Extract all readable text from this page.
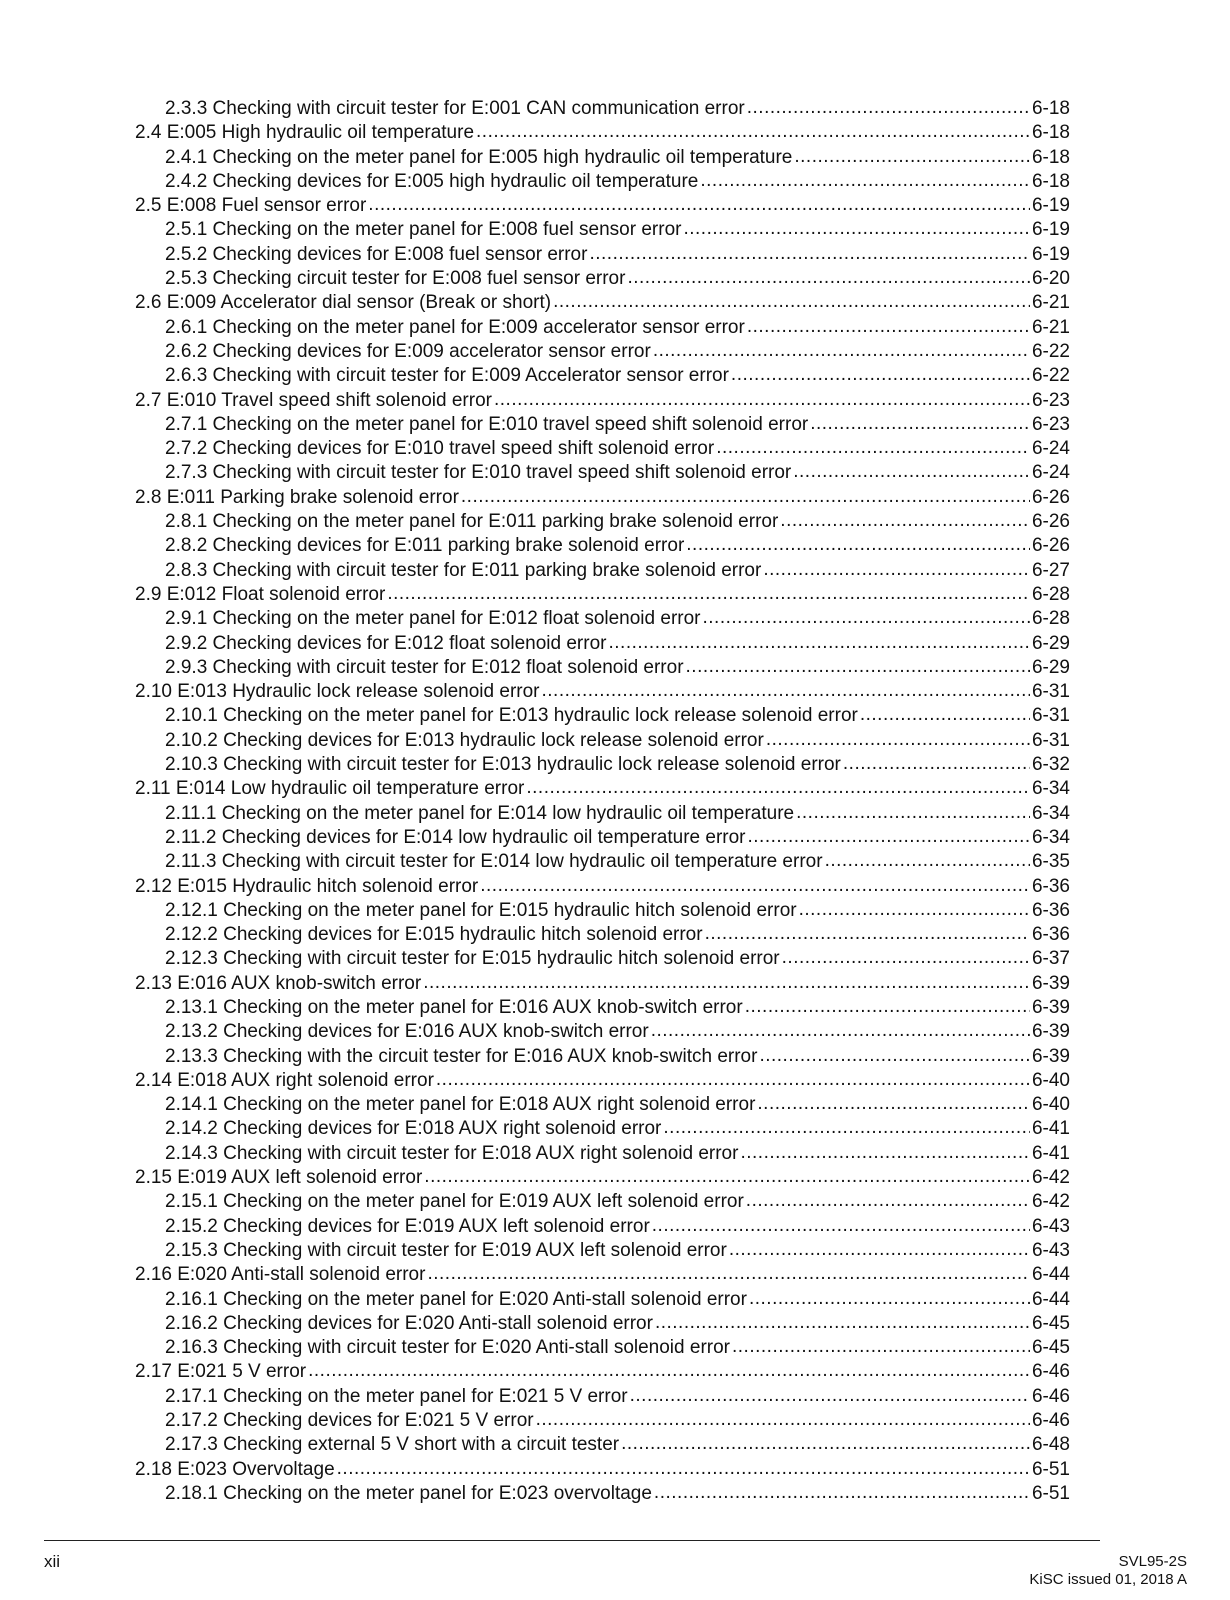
2.3.3 Checking with circuit tester for E:001 CAN communication error .....	6-18
2.4 E:005 High hydraulic oil temperature .....	6-18
2.4.1 Checking on the meter panel for E:005 high hydraulic oil temperature .....	6-18
2.4.2 Checking devices for E:005 high hydraulic oil temperature .....	6-18
2.5 E:008 Fuel sensor error .....	6-19
2.5.1 Checking on the meter panel for E:008 fuel sensor error .....	6-19
2.5.2 Checking devices for E:008 fuel sensor error .....	6-19
2.5.3 Checking circuit tester for E:008 fuel sensor error .....	6-20
2.6 E:009 Accelerator dial sensor (Break or short) .....	6-21
2.6.1 Checking on the meter panel for E:009 accelerator sensor error .....	6-21
2.6.2 Checking devices for E:009 accelerator sensor error .....	6-22
2.6.3 Checking with circuit tester for E:009 Accelerator sensor error .....	6-22
2.7 E:010 Travel speed shift solenoid error .....	6-23
2.7.1 Checking on the meter panel for E:010 travel speed shift solenoid error .....	6-23
2.7.2 Checking devices for E:010 travel speed shift solenoid error .....	6-24
2.7.3 Checking with circuit tester for E:010 travel speed shift solenoid error .....	6-24
2.8 E:011 Parking brake solenoid error .....	6-26
2.8.1 Checking on the meter panel for E:011 parking brake solenoid error .....	6-26
2.8.2 Checking devices for E:011 parking brake solenoid error .....	6-26
2.8.3 Checking with circuit tester for E:011 parking brake solenoid error .....	6-27
2.9 E:012 Float solenoid error .....	6-28
2.9.1 Checking on the meter panel for E:012 float solenoid error .....	6-28
2.9.2 Checking devices for E:012 float solenoid error .....	6-29
2.9.3 Checking with circuit tester for E:012 float solenoid error .....	6-29
2.10 E:013 Hydraulic lock release solenoid error .....	6-31
2.10.1 Checking on the meter panel for E:013 hydraulic lock release solenoid error .....	6-31
2.10.2 Checking devices for E:013 hydraulic lock release solenoid error .....	6-31
2.10.3 Checking with circuit tester for E:013 hydraulic lock release solenoid error .....	6-32
2.11 E:014 Low hydraulic oil temperature error .....	6-34
2.11.1 Checking on the meter panel for E:014 low hydraulic oil temperature .....	6-34
2.11.2 Checking devices for E:014 low hydraulic oil temperature error .....	6-34
2.11.3 Checking with circuit tester for E:014 low hydraulic oil temperature error .....	6-35
2.12 E:015 Hydraulic hitch solenoid error .....	6-36
2.12.1 Checking on the meter panel for E:015 hydraulic hitch solenoid error .....	6-36
2.12.2 Checking devices for E:015 hydraulic hitch solenoid error .....	6-36
2.12.3 Checking with circuit tester for E:015 hydraulic hitch solenoid error .....	6-37
2.13 E:016 AUX knob-switch error .....	6-39
2.13.1 Checking on the meter panel for E:016 AUX knob-switch error .....	6-39
2.13.2 Checking devices for E:016 AUX knob-switch error .....	6-39
2.13.3 Checking with the circuit tester for E:016 AUX knob-switch error .....	6-39
2.14 E:018 AUX right solenoid error .....	6-40
2.14.1 Checking on the meter panel for E:018 AUX right solenoid error .....	6-40
2.14.2 Checking devices for E:018 AUX right solenoid error .....	6-41
2.14.3 Checking with circuit tester for E:018 AUX right solenoid error .....	6-41
2.15 E:019 AUX left solenoid error .....	6-42
2.15.1 Checking on the meter panel for E:019 AUX left solenoid error .....	6-42
2.15.2 Checking devices for E:019 AUX left solenoid error .....	6-43
2.15.3 Checking with circuit tester for E:019 AUX left solenoid error .....	6-43
2.16 E:020 Anti-stall solenoid error .....	6-44
2.16.1 Checking on the meter panel for E:020 Anti-stall solenoid error .....	6-44
2.16.2 Checking devices for E:020 Anti-stall solenoid error .....	6-45
2.16.3 Checking with circuit tester for E:020 Anti-stall solenoid error .....	6-45
2.17 E:021 5 V error .....	6-46
2.17.1 Checking on the meter panel for E:021 5 V error .....	6-46
2.17.2 Checking devices for E:021 5 V error .....	6-46
2.17.3 Checking external 5 V short with a circuit tester .....	6-48
2.18 E:023 Overvoltage .....	6-51
2.18.1 Checking on the meter panel for E:023 overvoltage .....	6-51
xii	SVL95-2S
KiSC issued 01, 2018 A
